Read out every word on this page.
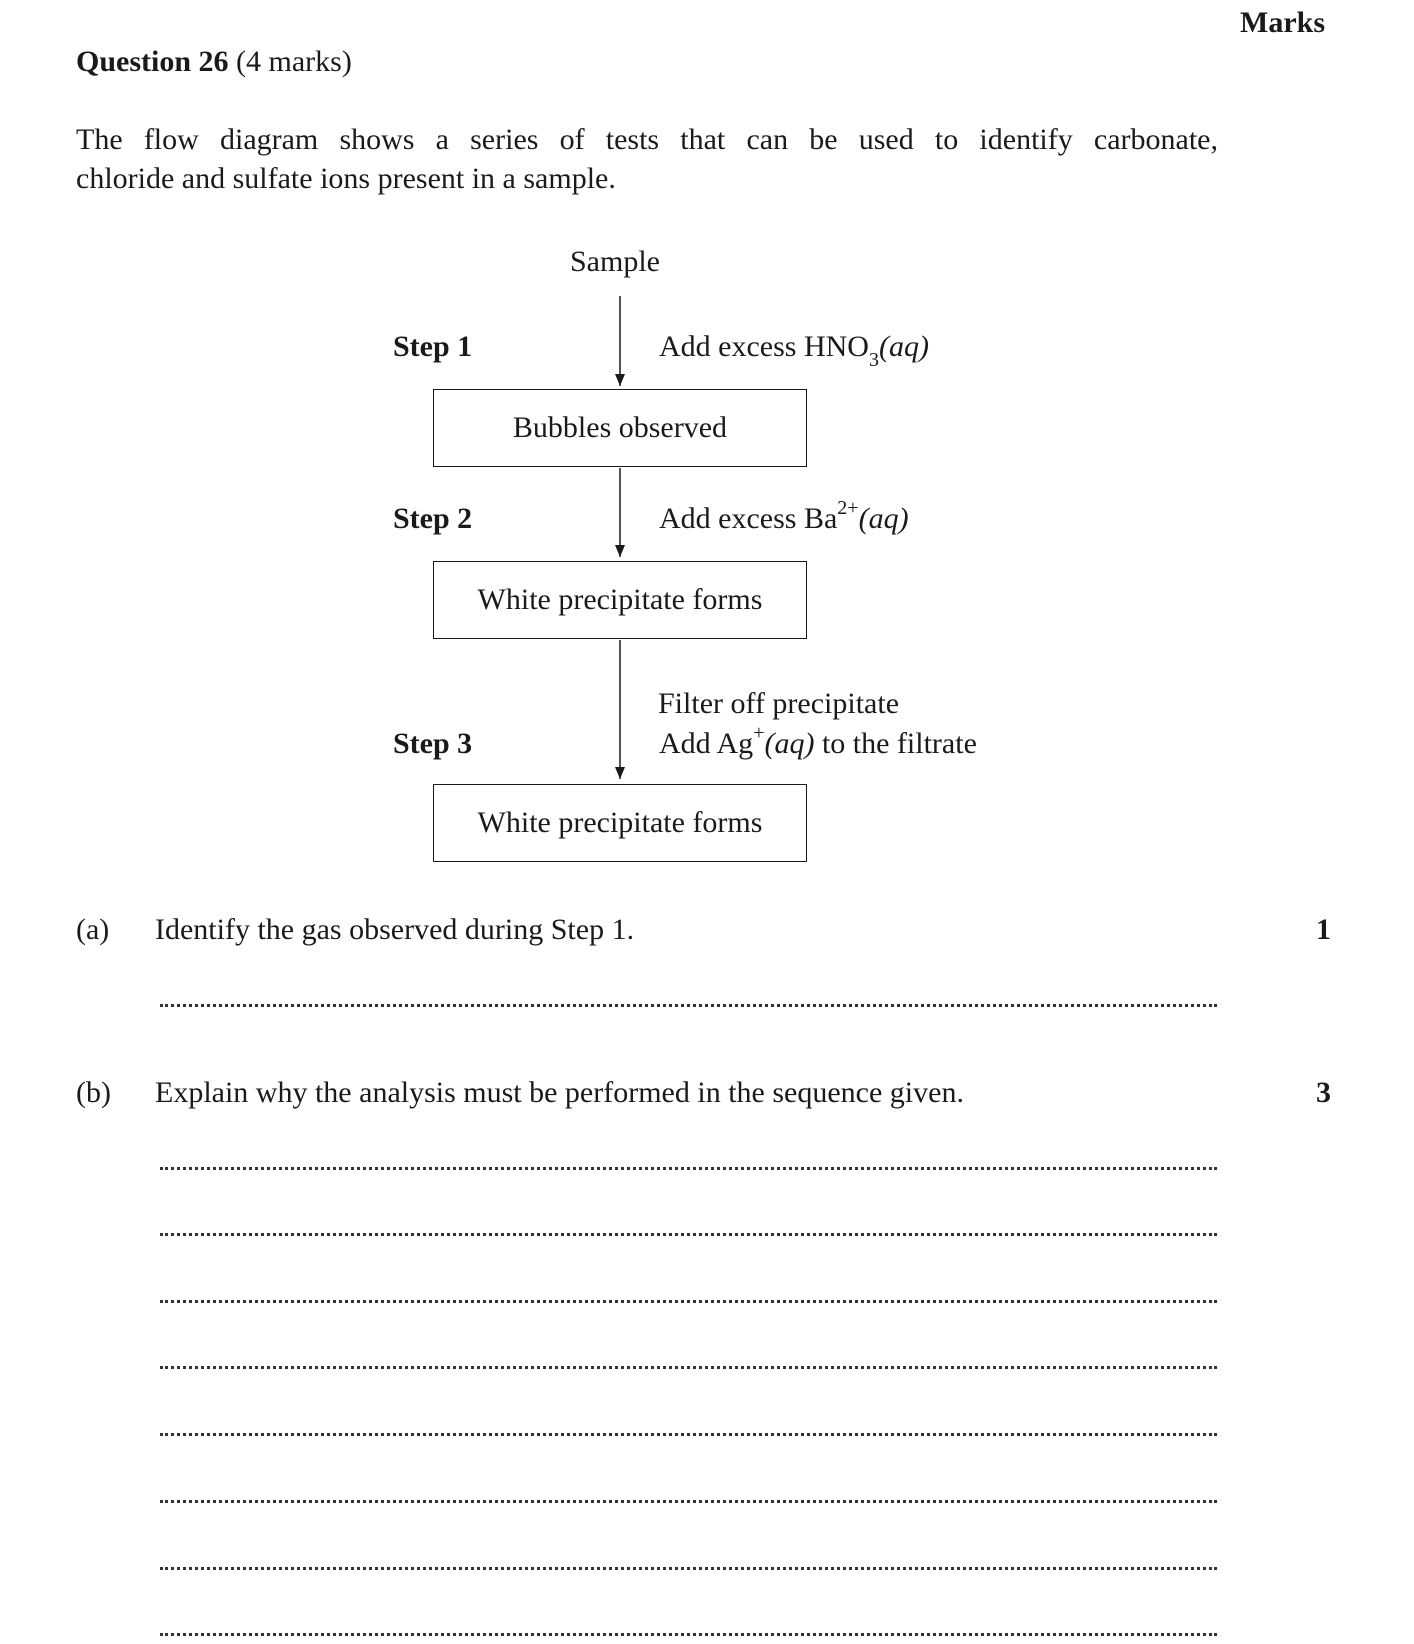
Marks
Question 26 (4 marks)
The flow diagram shows a series of tests that can be used to identify carbonate,
chloride and sulfate ions present in a sample.
Sample
Step 1	Add excess $HNO_3(aq)$
Bubbles observed
Step 2	Add excess $Ba^{2+}(aq)$
White precipitate forms
Step 3
Filter off precipitate
Add Ag+(aq) to the filtrate
White precipitate forms
(a) Identify the gas observed during Step 1.	1
(b) Explain why the analysis must be performed in the sequence given.	3
